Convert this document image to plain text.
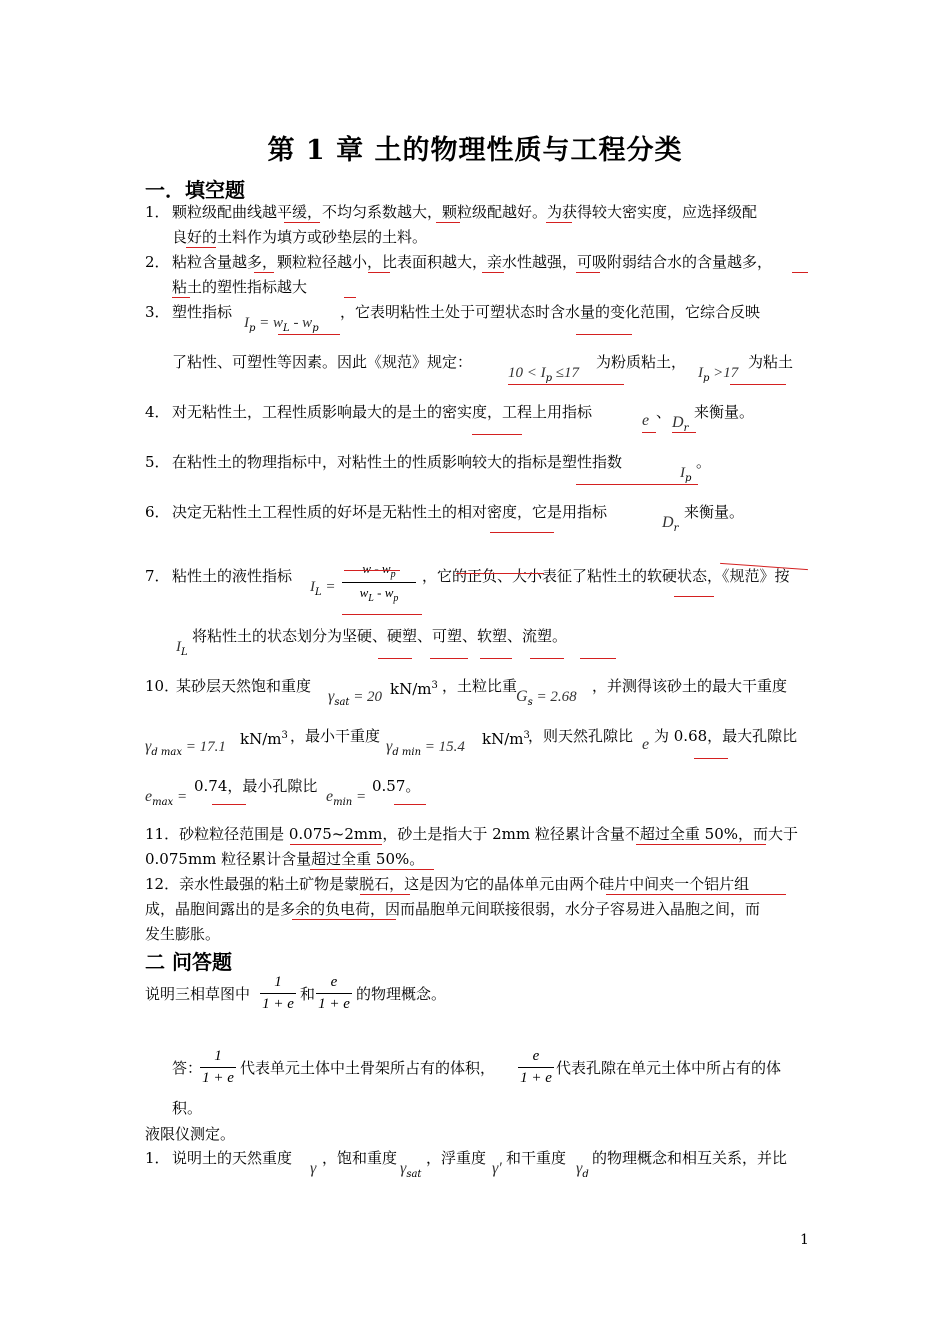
第 1 章 土的物理性质与工程分类
一．填空题
1． 颗粒级配曲线越平缓，不均匀系数越大，颗粒级配越好。为获得较大密实度，应选择级配
良好的土料作为填方或砂垫层的土料。
2． 粘粒含量越多，颗粒粒径越小，比表面积越大，亲水性越强，可吸附弱结合水的含量越多，
粘土的塑性指标越大
3． 塑性指标
$I_p = w_L - w_p$
，它表明粘性土处于可塑状态时含水量的变化范围，它综合反映
了粘性、可塑性等因素。因此《规范》规定：
$10 < I_p \le 17$
为粉质粘土，
$I_p >17$
为粘土
4． 对无粘性土，工程性质影响最大的是土的密实度，工程上用指标	e 、
$D_r$
来衡量。
5． 在粘性土的物理指标中，对粘性土的性质影响较大的指标是塑性指数
$I_p$
。
6． 决定无粘性土工程性质的好坏是无粘性土的相对密度，它是用指标
$D_r$
来衡量。
7． 粘性土的液性指标
$I_L$ =
w - $w_p$
$w_L - w_p$
，它的正负、大小表征了粘性土的软硬状态，《规范》按
$I_L$
将粘性土的状态划分为坚硬、硬塑、可塑、软塑、流塑。
10．
某砂层天然饱和重度
$\gamma_{sat} = 20$ $kN/m^3$ ，土粒比重
$G_s = 2.68$
，并测得该砂土的最大干重度
$\gamma_{d max} = 17.1$ $kN/m^3$ ，最小干重度
$\gamma_{d min} = 15.4$ $kN/m^3$
，则天然孔隙比 e 为 0.68，最大孔隙比
$e_{max}$ =
0.74，最小孔隙比
$e_{min}$ =
0.57。
11．砂粒粒径范围是 0.075~2mm，砂土是指大于 2mm 粒径累计含量不超过全重 50%，而大于
0.075mm 粒径累计含量超过全重 50%。
12．亲水性最强的粘土矿物是蒙脱石，这是因为它的晶体单元由两个硅片中间夹一个铝片组
成，晶胞间露出的是多余的负电荷，因而晶胞单元间联接很弱，水分子容易进入晶胞之间，而
发生膨胀。
二 问答题
说明三相草图中
1
1 + e
和
e
1 + e
的物理概念。
答：
1
1 + e
代表单元土体中土骨架所占有的体积，
e
1 + e
代表孔隙在单元土体中所占有的体
积。
液限仪测定。
1． 说明土的天然重度
γ
，饱和重度
$\gamma_{sat}$
，浮重度
γ′
和干重度
$\gamma_d$
的物理概念和相互关系，并比
1
